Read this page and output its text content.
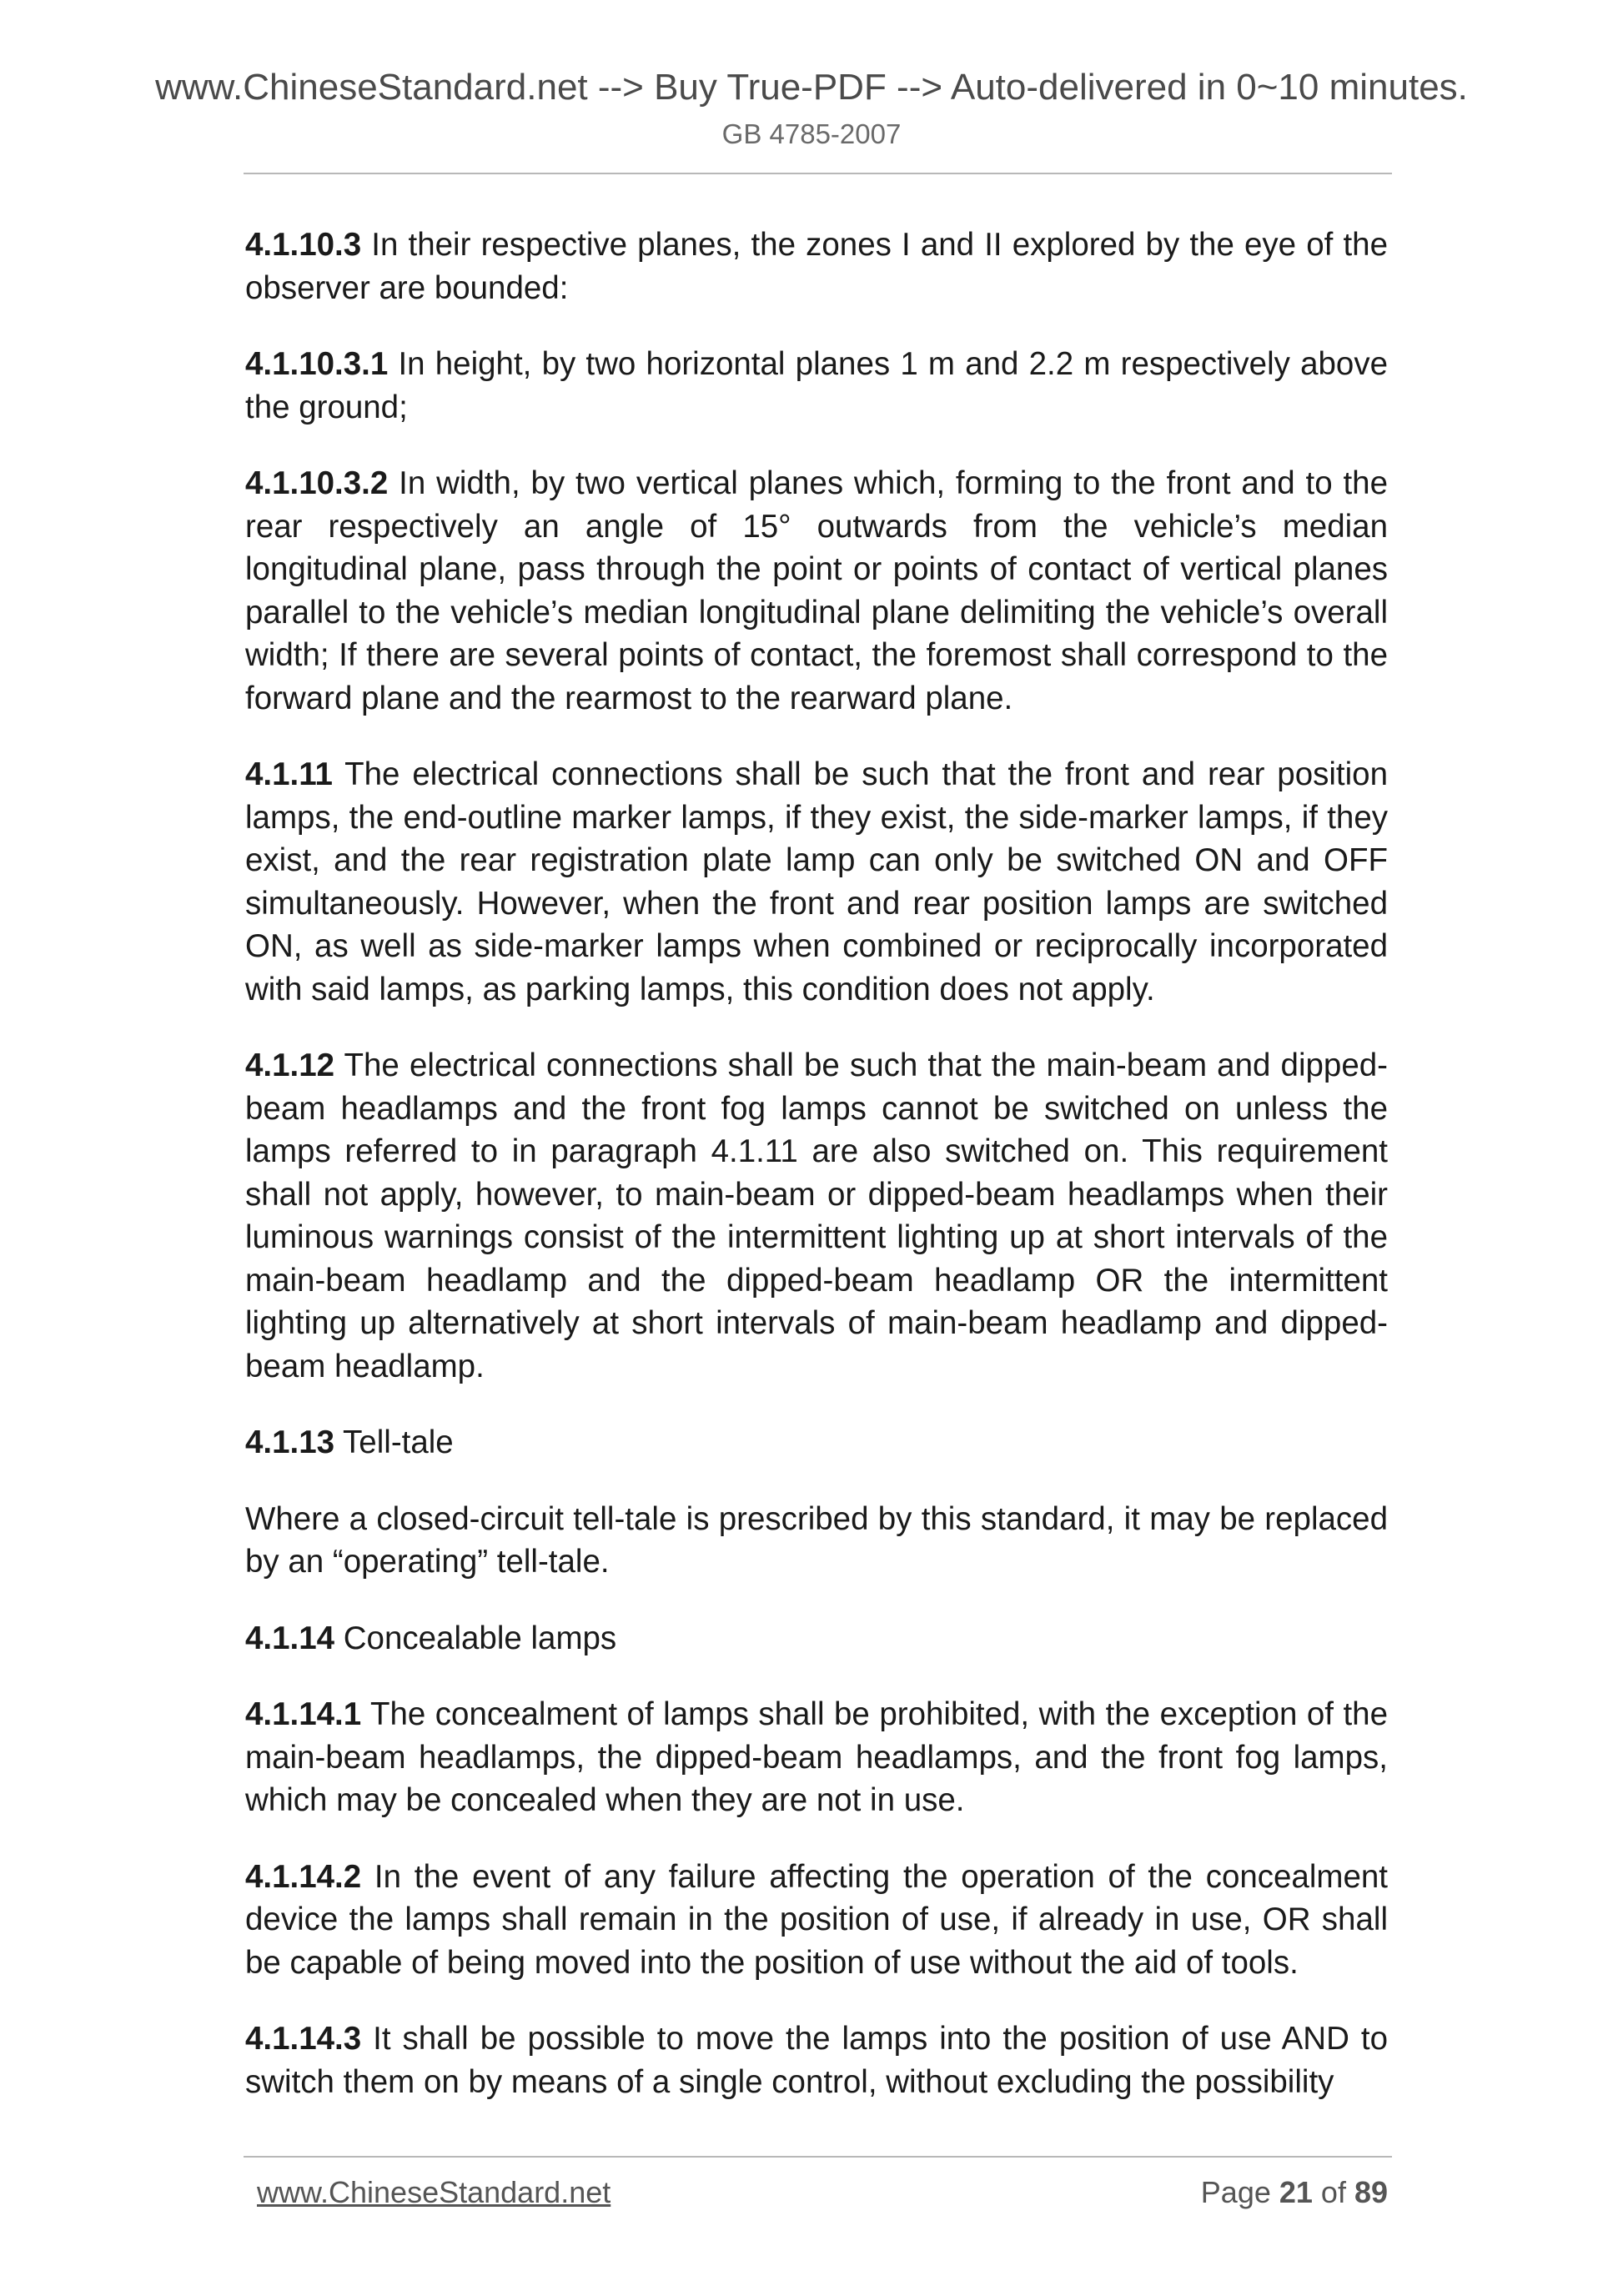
www.ChineseStandard.net --> Buy True-PDF --> Auto-delivered in 0~10 minutes.
GB 4785-2007

4.1.10.3 In their respective planes, the zones I and II explored by the eye of the observer are bounded:

4.1.10.3.1 In height, by two horizontal planes 1 m and 2.2 m respectively above the ground;

4.1.10.3.2 In width, by two vertical planes which, forming to the front and to the rear respectively an angle of 15° outwards from the vehicle’s median longitudinal plane, pass through the point or points of contact of vertical planes parallel to the vehicle’s median longitudinal plane delimiting the vehicle’s overall width; If there are several points of contact, the foremost shall correspond to the forward plane and the rearmost to the rearward plane.

4.1.11 The electrical connections shall be such that the front and rear position lamps, the end-outline marker lamps, if they exist, the side-marker lamps, if they exist, and the rear registration plate lamp can only be switched ON and OFF simultaneously. However, when the front and rear position lamps are switched ON, as well as side-marker lamps when combined or reciprocally incorporated with said lamps, as parking lamps, this condition does not apply.

4.1.12 The electrical connections shall be such that the main-beam and dipped-beam headlamps and the front fog lamps cannot be switched on unless the lamps referred to in paragraph 4.1.11 are also switched on. This requirement shall not apply, however, to main-beam or dipped-beam headlamps when their luminous warnings consist of the intermittent lighting up at short intervals of the main-beam headlamp and the dipped-beam headlamp OR the intermittent lighting up alternatively at short intervals of main-beam headlamp and dipped-beam headlamp.

4.1.13 Tell-tale

Where a closed-circuit tell-tale is prescribed by this standard, it may be replaced by an “operating” tell-tale.

4.1.14 Concealable lamps

4.1.14.1 The concealment of lamps shall be prohibited, with the exception of the main-beam headlamps, the dipped-beam headlamps, and the front fog lamps, which may be concealed when they are not in use.

4.1.14.2 In the event of any failure affecting the operation of the concealment device the lamps shall remain in the position of use, if already in use, OR shall be capable of being moved into the position of use without the aid of tools.

4.1.14.3 It shall be possible to move the lamps into the position of use AND to switch them on by means of a single control, without excluding the possibility

www.ChineseStandard.net	Page 21 of 89
